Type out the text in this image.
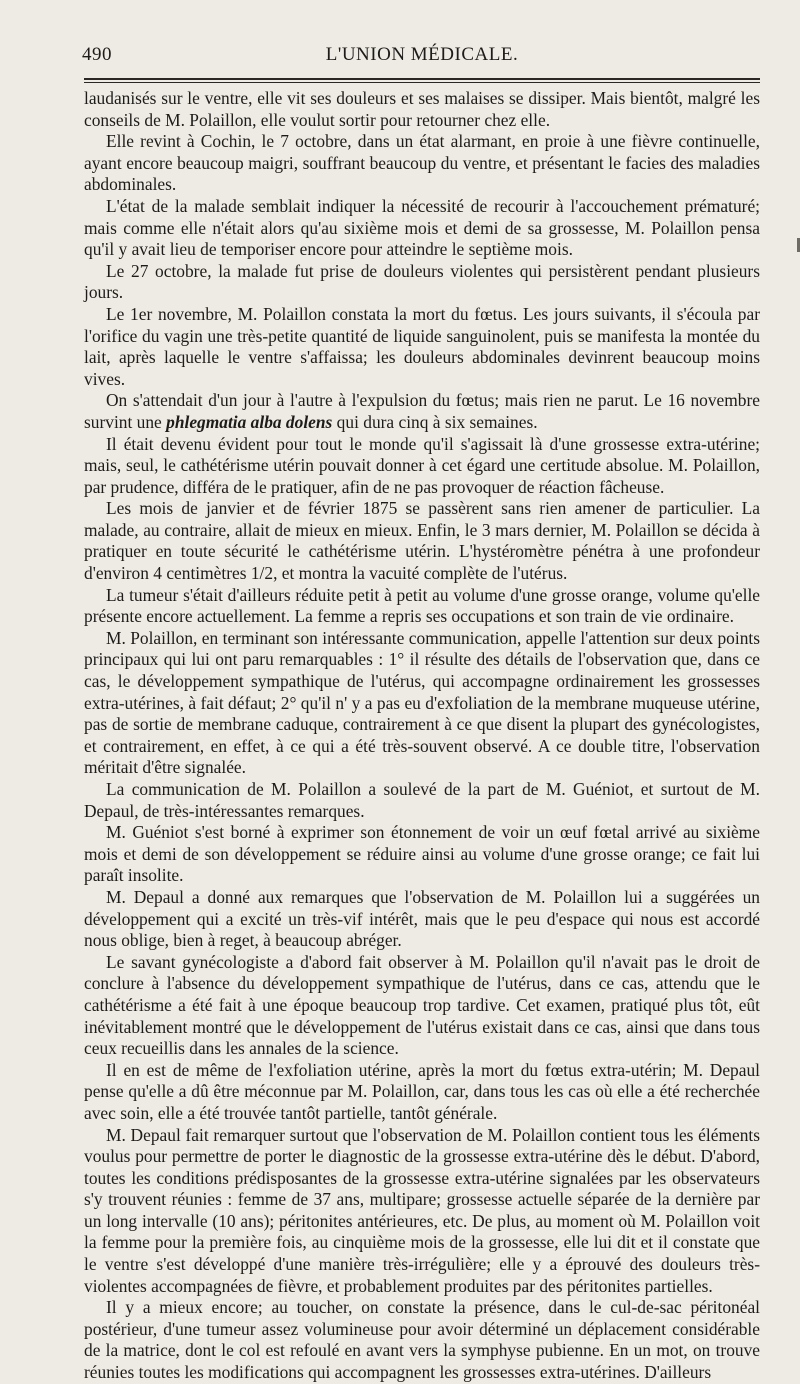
490	L'UNION MÉDICALE.

laudanisés sur le ventre, elle vit ses douleurs et ses malaises se dissiper. Mais bientôt, malgré les conseils de M. Polaillon, elle voulut sortir pour retourner chez elle.

Elle revint à Cochin, le 7 octobre, dans un état alarmant, en proie à une fièvre continuelle, ayant encore beaucoup maigri, souffrant beaucoup du ventre, et présentant le facies des maladies abdominales.

L'état de la malade semblait indiquer la nécessité de recourir à l'accouchement prématuré; mais comme elle n'était alors qu'au sixième mois et demi de sa grossesse, M. Polaillon pensa qu'il y avait lieu de temporiser encore pour atteindre le septième mois.

Le 27 octobre, la malade fut prise de douleurs violentes qui persistèrent pendant plusieurs jours.

Le 1er novembre, M. Polaillon constata la mort du fœtus. Les jours suivants, il s'écoula par l'orifice du vagin une très-petite quantité de liquide sanguinolent, puis se manifesta la montée du lait, après laquelle le ventre s'affaissa; les douleurs abdominales devinrent beaucoup moins vives.

On s'attendait d'un jour à l'autre à l'expulsion du fœtus; mais rien ne parut. Le 16 novembre survint une phlegmatia alba dolens qui dura cinq à six semaines.

Il était devenu évident pour tout le monde qu'il s'agissait là d'une grossesse extra-utérine; mais, seul, le cathétérisme utérin pouvait donner à cet égard une certitude absolue. M. Polaillon, par prudence, différa de le pratiquer, afin de ne pas provoquer de réaction fâcheuse.

Les mois de janvier et de février 1875 se passèrent sans rien amener de particulier. La malade, au contraire, allait de mieux en mieux. Enfin, le 3 mars dernier, M. Polaillon se décida à pratiquer en toute sécurité le cathétérisme utérin. L'hystéromètre pénétra à une profondeur d'environ 4 centimètres 1/2, et montra la vacuité complète de l'utérus.

La tumeur s'était d'ailleurs réduite petit à petit au volume d'une grosse orange, volume qu'elle présente encore actuellement. La femme a repris ses occupations et son train de vie ordinaire.

M. Polaillon, en terminant son intéressante communication, appelle l'attention sur deux points principaux qui lui ont paru remarquables : 1° il résulte des détails de l'observation que, dans ce cas, le développement sympathique de l'utérus, qui accompagne ordinairement les grossesses extra-utérines, à fait défaut; 2° qu'il n' y a pas eu d'exfoliation de la membrane muqueuse utérine, pas de sortie de membrane caduque, contrairement à ce que disent la plupart des gynécologistes, et contrairement, en effet, à ce qui a été très-souvent observé. A ce double titre, l'observation méritait d'être signalée.

La communication de M. Polaillon a soulevé de la part de M. Guéniot, et surtout de M. Depaul, de très-intéressantes remarques.

M. Guéniot s'est borné à exprimer son étonnement de voir un œuf fœtal arrivé au sixième mois et demi de son développement se réduire ainsi au volume d'une grosse orange; ce fait lui paraît insolite.

M. Depaul a donné aux remarques que l'observation de M. Polaillon lui a suggérées un développement qui a excité un très-vif intérêt, mais que le peu d'espace qui nous est accordé nous oblige, bien à reget, à beaucoup abréger.

Le savant gynécologiste a d'abord fait observer à M. Polaillon qu'il n'avait pas le droit de conclure à l'absence du développement sympathique de l'utérus, dans ce cas, attendu que le cathétérisme a été fait à une époque beaucoup trop tardive. Cet examen, pratiqué plus tôt, eût inévitablement montré que le développement de l'utérus existait dans ce cas, ainsi que dans tous ceux recueillis dans les annales de la science.

Il en est de même de l'exfoliation utérine, après la mort du fœtus extra-utérin; M. Depaul pense qu'elle a dû être méconnue par M. Polaillon, car, dans tous les cas où elle a été recherchée avec soin, elle a été trouvée tantôt partielle, tantôt générale.

M. Depaul fait remarquer surtout que l'observation de M. Polaillon contient tous les éléments voulus pour permettre de porter le diagnostic de la grossesse extra-utérine dès le début. D'abord, toutes les conditions prédisposantes de la grossesse extra-utérine signalées par les observateurs s'y trouvent réunies : femme de 37 ans, multipare; grossesse actuelle séparée de la dernière par un long intervalle (10 ans); péritonites antérieures, etc. De plus, au moment où M. Polaillon voit la femme pour la première fois, au cinquième mois de la grossesse, elle lui dit et il constate que le ventre s'est développé d'une manière très-irrégulière; elle y a éprouvé des douleurs très-violentes accompagnées de fièvre, et probablement produites par des péritonites partielles.

Il y a mieux encore; au toucher, on constate la présence, dans le cul-de-sac péritonéal postérieur, d'une tumeur assez volumineuse pour avoir déterminé un déplacement considérable de la matrice, dont le col est refoulé en avant vers la symphyse pubienne. En un mot, on trouve réunies toutes les modifications qui accompagnent les grossesses extra-utérines. D'ailleurs
